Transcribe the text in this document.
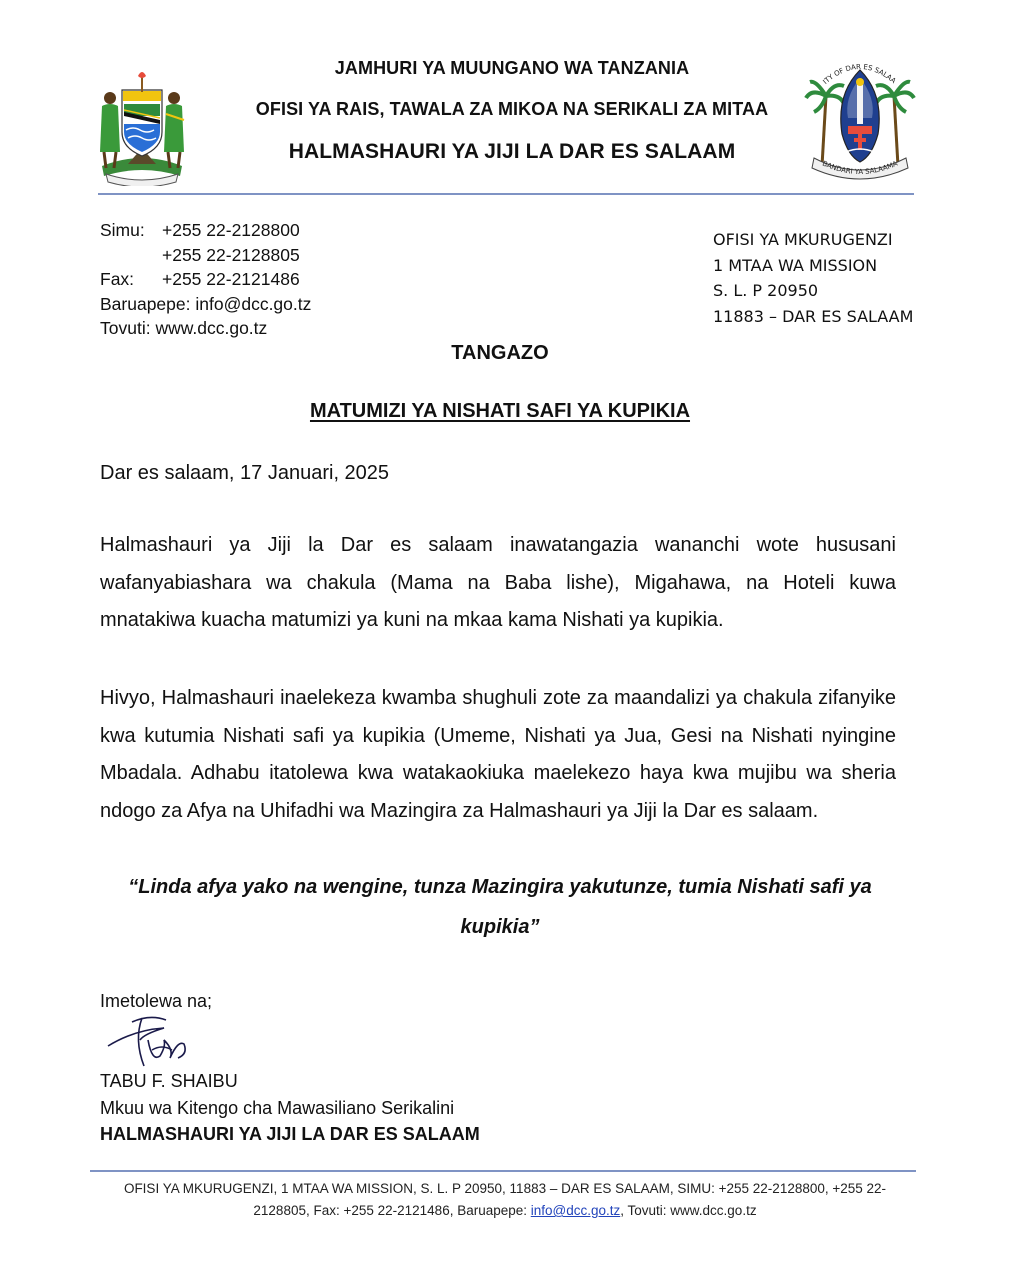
ITY OF DAR ES SALAA
BANDARI YA SALAAMA
JAMHURI YA MUUNGANO WA TANZANIA
OFISI YA RAIS, TAWALA ZA MIKOA NA SERIKALI ZA MITAA
HALMASHAURI YA JIJI LA DAR ES SALAAM
Simu: +255 22-2128800
+255 22-2128805
Fax: +255 22-2121486
Baruapepe: info@dcc.go.tz
Tovuti: www.dcc.go.tz
OFISI YA MKURUGENZI
1 MTAA WA MISSION
S. L. P 20950
11883 – DAR ES SALAAM
TANGAZO
MATUMIZI YA NISHATI SAFI YA KUPIKIA
Dar es salaam, 17 Januari, 2025
Halmashauri ya Jiji la Dar es salaam inawatangazia wananchi wote hususani wafanyabiashara wa chakula (Mama na Baba lishe), Migahawa, na Hoteli kuwa mnatakiwa kuacha matumizi ya kuni na mkaa kama Nishati ya kupikia.
Hivyo, Halmashauri inaelekeza kwamba shughuli zote za maandalizi ya chakula zifanyike kwa kutumia Nishati safi ya kupikia (Umeme, Nishati ya Jua, Gesi na Nishati nyingine Mbadala. Adhabu itatolewa kwa watakaokiuka maelekezo haya kwa mujibu wa sheria ndogo za Afya na Uhifadhi wa Mazingira za Halmashauri ya Jiji la Dar es salaam.
“Linda afya yako na wengine, tunza Mazingira yakutunze, tumia Nishati safi ya kupikia”
Imetolewa na;
TABU F. SHAIBU
Mkuu wa Kitengo cha Mawasiliano Serikalini
HALMASHAURI YA JIJI LA DAR ES SALAAM
OFISI YA MKURUGENZI, 1 MTAA WA MISSION, S. L. P 20950, 11883 – DAR ES SALAAM, SIMU: +255 22-2128800, +255 22-2128805, Fax: +255 22-2121486, Baruapepe: info@dcc.go.tz, Tovuti: www.dcc.go.tz
